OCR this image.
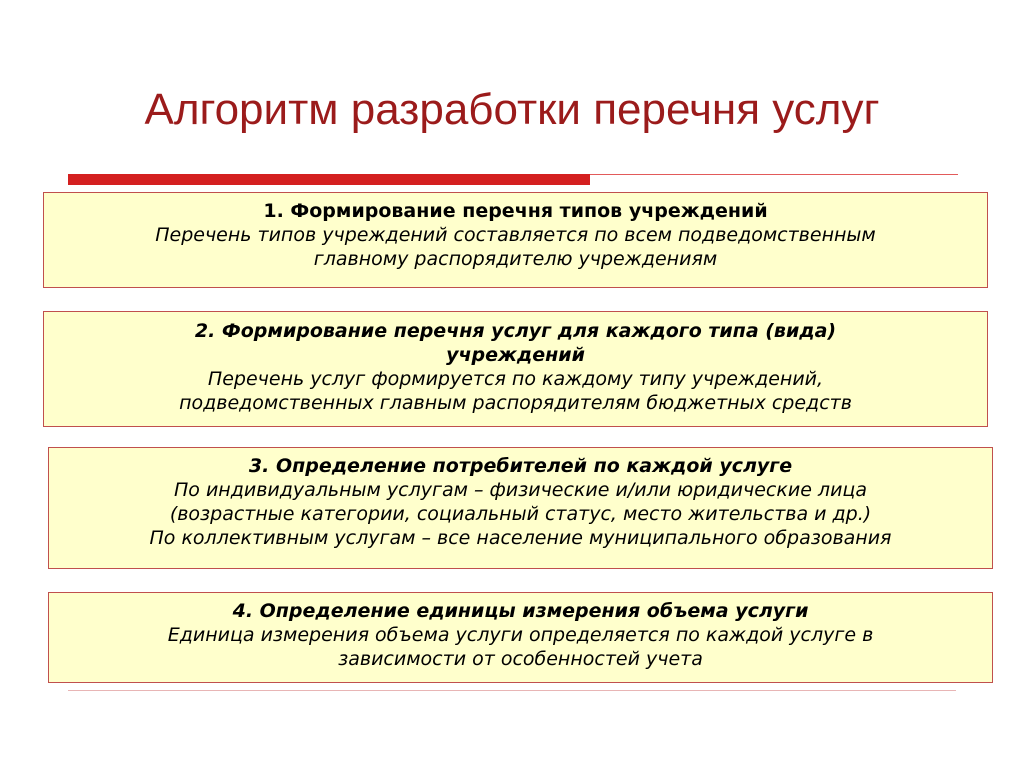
Алгоритм разработки перечня услуг
1. Формирование перечня типов учреждений
Перечень типов учреждений составляется по всем подведомственным
главному распорядителю учреждениям
2. Формирование перечня услуг для каждого типа (вида)
учреждений
Перечень услуг формируется по каждому типу учреждений,
подведомственных главным распорядителям бюджетных средств
3. Определение потребителей по каждой услуге
По индивидуальным услугам – физические и/или юридические лица
(возрастные категории, социальный статус, место жительства и др.)
По коллективным услугам – все население муниципального образования
4. Определение единицы измерения объема услуги
Единица измерения объема услуги определяется по каждой услуге в
зависимости от особенностей учета
